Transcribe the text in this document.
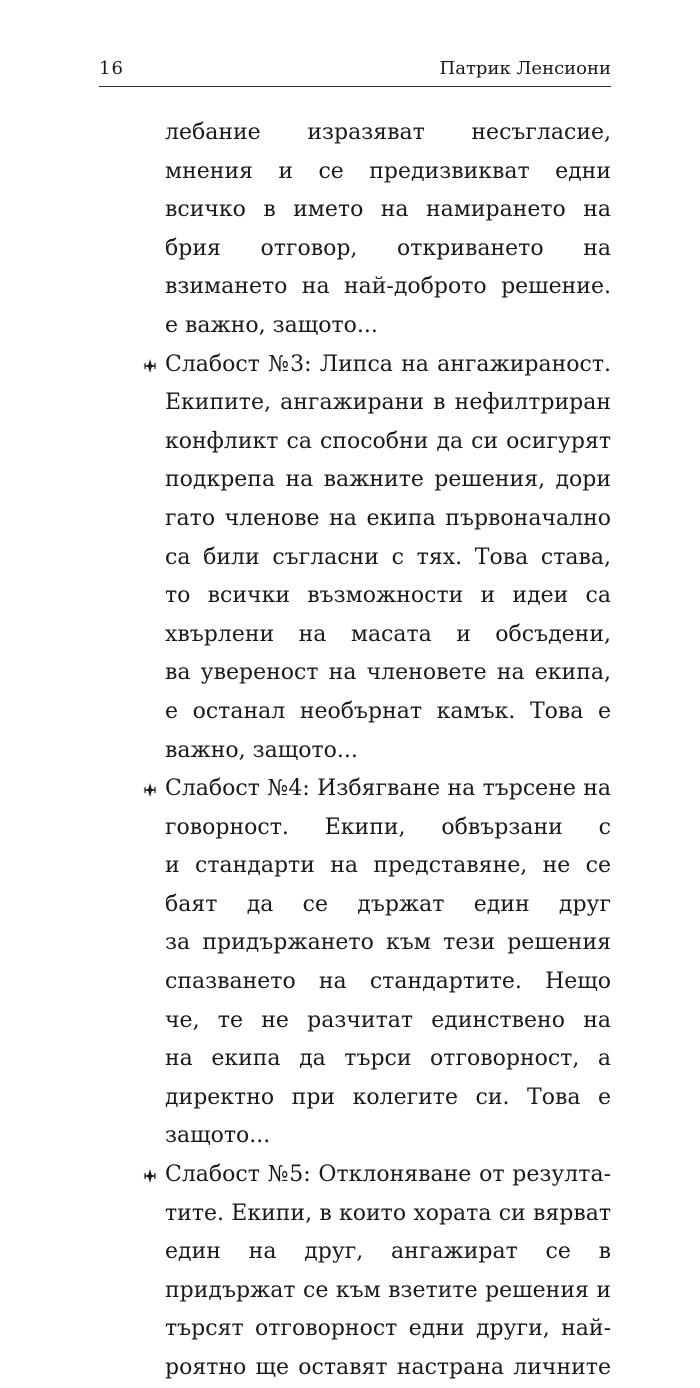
16	Патрик Ленсиони
лебание изразяват несъгласие,
мнения и се предизвикват едни
всичко в името на намирането на
брия отговор, откриването на
взимането на най-доброто решение.
е важно, защото...
Слабост №3: Липса на ангажираност.
Екипите, ангажирани в нефилтриран
конфликт са способни да си осигурят
подкрепа на важните решения, дори
гато членове на екипа първоначално
са били съгласни с тях. Това става,
то всички възможности и идеи са
хвърлени на масата и обсъдени,
ва увереност на членовете на екипа,
е останал необърнат камък. Това е
важно, защото...
Слабост №4: Избягване на търсене на
говорност. Екипи, обвързани с
и стандарти на представяне, не се
баят да се държат един друг
за придържането към тези решения
спазването на стандартите. Нещо
че, те не разчитат единствено на
на екипа да търси отговорност, а
директно при колегите си. Това е
защото...
Слабост №5: Отклоняване от резулта-
тите. Екипи, в които хората си вярват
един на друг, ангажират се в
придържат се към взетите решения и
търсят отговорност едни други, най-
роятно ще оставят настрана личните
